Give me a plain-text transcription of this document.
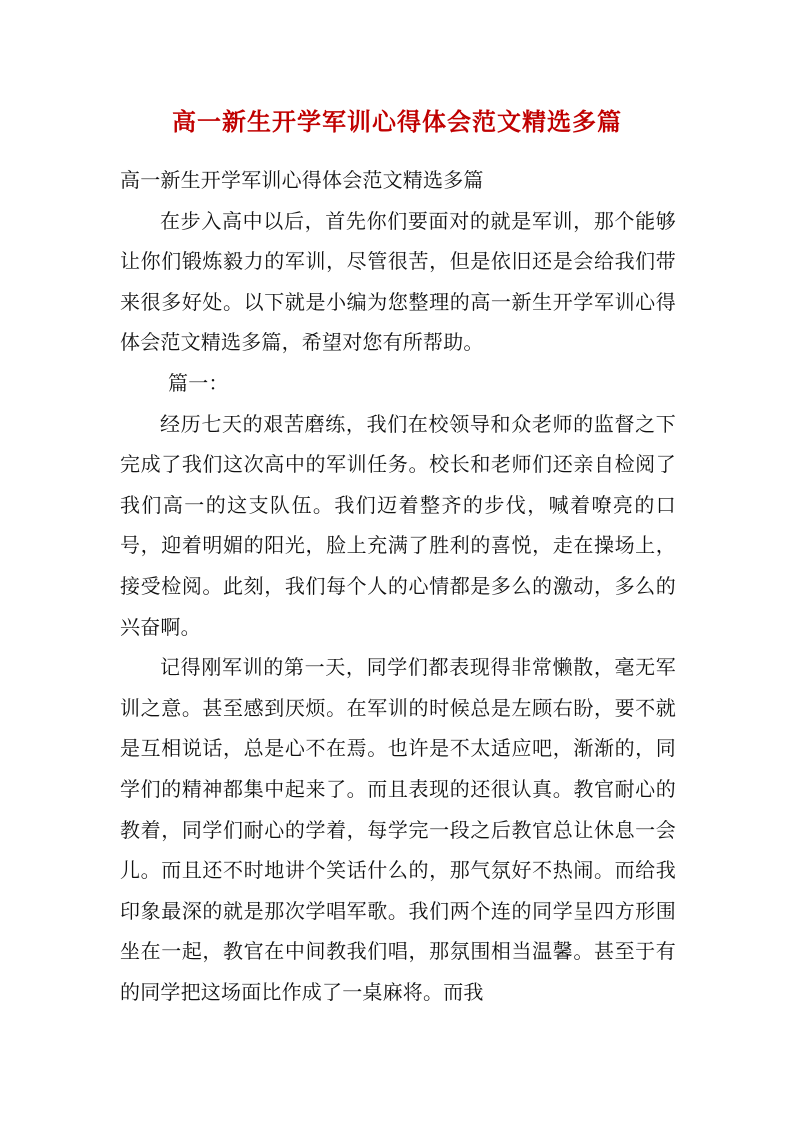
高一新生开学军训心得体会范文精选多篇

高一新生开学军训心得体会范文精选多篇

在步入高中以后，首先你们要面对的就是军训，那个能够让你们锻炼毅力的军训，尽管很苦，但是依旧还是会给我们带来很多好处。以下就是小编为您整理的高一新生开学军训心得体会范文精选多篇，希望对您有所帮助。

篇一：

经历七天的艰苦磨练，我们在校领导和众老师的监督之下完成了我们这次高中的军训任务。校长和老师们还亲自检阅了我们高一的这支队伍。我们迈着整齐的步伐，喊着嘹亮的口号，迎着明媚的阳光，脸上充满了胜利的喜悦，走在操场上，接受检阅。此刻，我们每个人的心情都是多么的激动，多么的兴奋啊。

记得刚军训的第一天，同学们都表现得非常懒散，毫无军训之意。甚至感到厌烦。在军训的时候总是左顾右盼，要不就是互相说话，总是心不在焉。也许是不太适应吧，渐渐的，同学们的精神都集中起来了。而且表现的还很认真。教官耐心的教着，同学们耐心的学着，每学完一段之后教官总让休息一会儿。而且还不时地讲个笑话什么的，那气氛好不热闹。而给我印象最深的就是那次学唱军歌。我们两个连的同学呈四方形围坐在一起，教官在中间教我们唱，那氛围相当温馨。甚至于有的同学把这场面比作成了一桌麻将。而我
